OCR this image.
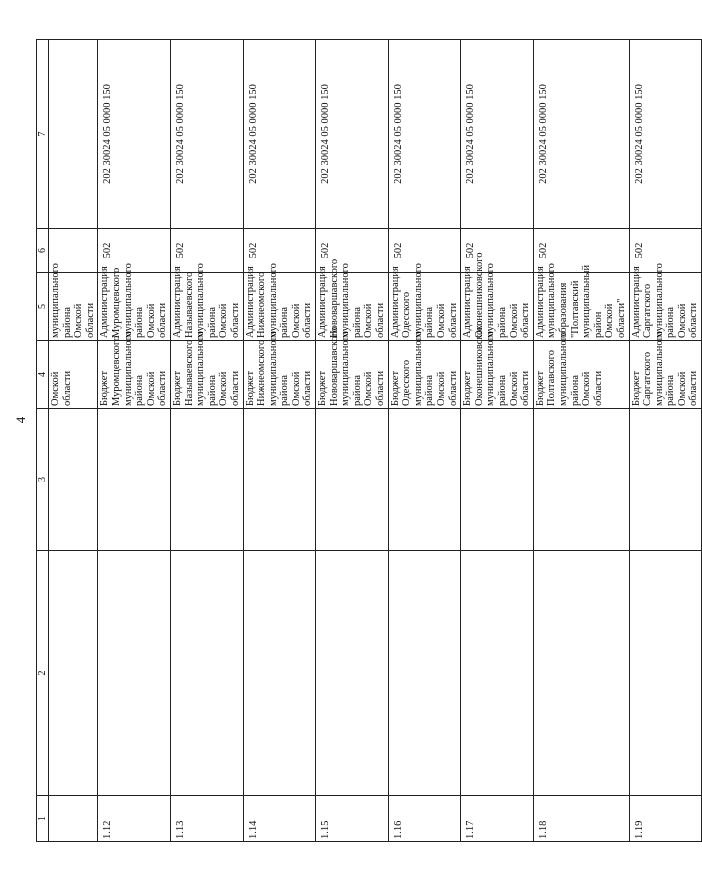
4
1	2	3	4	5	6	7
			Омской области	муниципального района Омской области		
1.12			Бюджет Муромцевского муниципального района Омской области	Администрация Муромцевского муниципального района Омской области	502	202 30024 05 0000 150
1.13			Бюджет Называевского муниципального района Омской области	Администрация Называевского муниципального района Омской области	502	202 30024 05 0000 150
1.14			Бюджет Нижнеомского муниципального района Омской области	Администрация Нижнеомского муниципального района Омской области	502	202 30024 05 0000 150
1.15			Бюджет Нововаршавского муниципального района Омской области	Администрация Нововаршавского муниципального района Омской области	502	202 30024 05 0000 150
1.16			Бюджет Одесского муниципального района Омской области	Администрация Одесского муниципального района Омской области	502	202 30024 05 0000 150
1.17			Бюджет Оконешниковского муниципального района Омской области	Администрация Оконешниковского муниципального района Омской области	502	202 30024 05 0000 150
1.18			Бюджет Полтавского муниципального района Омской области	Администрация муниципального образования "Полтавский муниципальный район Омской области"	502	202 30024 05 0000 150
1.19			Бюджет Саргатского муниципального района Омской области	Администрация Саргатского муниципального района Омской области	502	202 30024 05 0000 150
